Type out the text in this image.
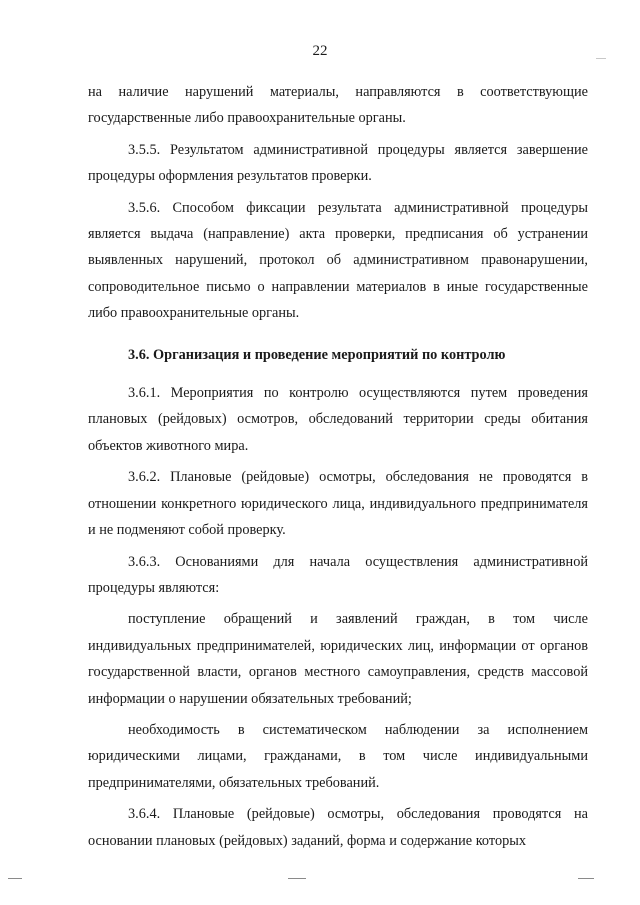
22

на наличие нарушений материалы, направляются в соответствующие государственные либо правоохранительные органы.

3.5.5. Результатом административной процедуры является завершение процедуры оформления результатов проверки.

3.5.6. Способом фиксации результата административной процедуры является выдача (направление) акта проверки, предписания об устранении выявленных нарушений, протокол об административном правонарушении, сопроводительное письмо о направлении материалов в иные государственные либо правоохранительные органы.

3.6. Организация и проведение мероприятий по контролю

3.6.1. Мероприятия по контролю осуществляются путем проведения плановых (рейдовых) осмотров, обследований территории среды обитания объектов животного мира.

3.6.2. Плановые (рейдовые) осмотры, обследования не проводятся в отношении конкретного юридического лица, индивидуального предпринимателя и не подменяют собой проверку.

3.6.3. Основаниями для начала осуществления административной процедуры являются:

поступление обращений и заявлений граждан, в том числе индивидуальных предпринимателей, юридических лиц, информации от органов государственной власти, органов местного самоуправления, средств массовой информации о нарушении обязательных требований;

необходимость в систематическом наблюдении за исполнением юридическими лицами, гражданами, в том числе индивидуальными предпринимателями, обязательных требований.

3.6.4. Плановые (рейдовые) осмотры, обследования проводятся на основании плановых (рейдовых) заданий, форма и содержание которых
